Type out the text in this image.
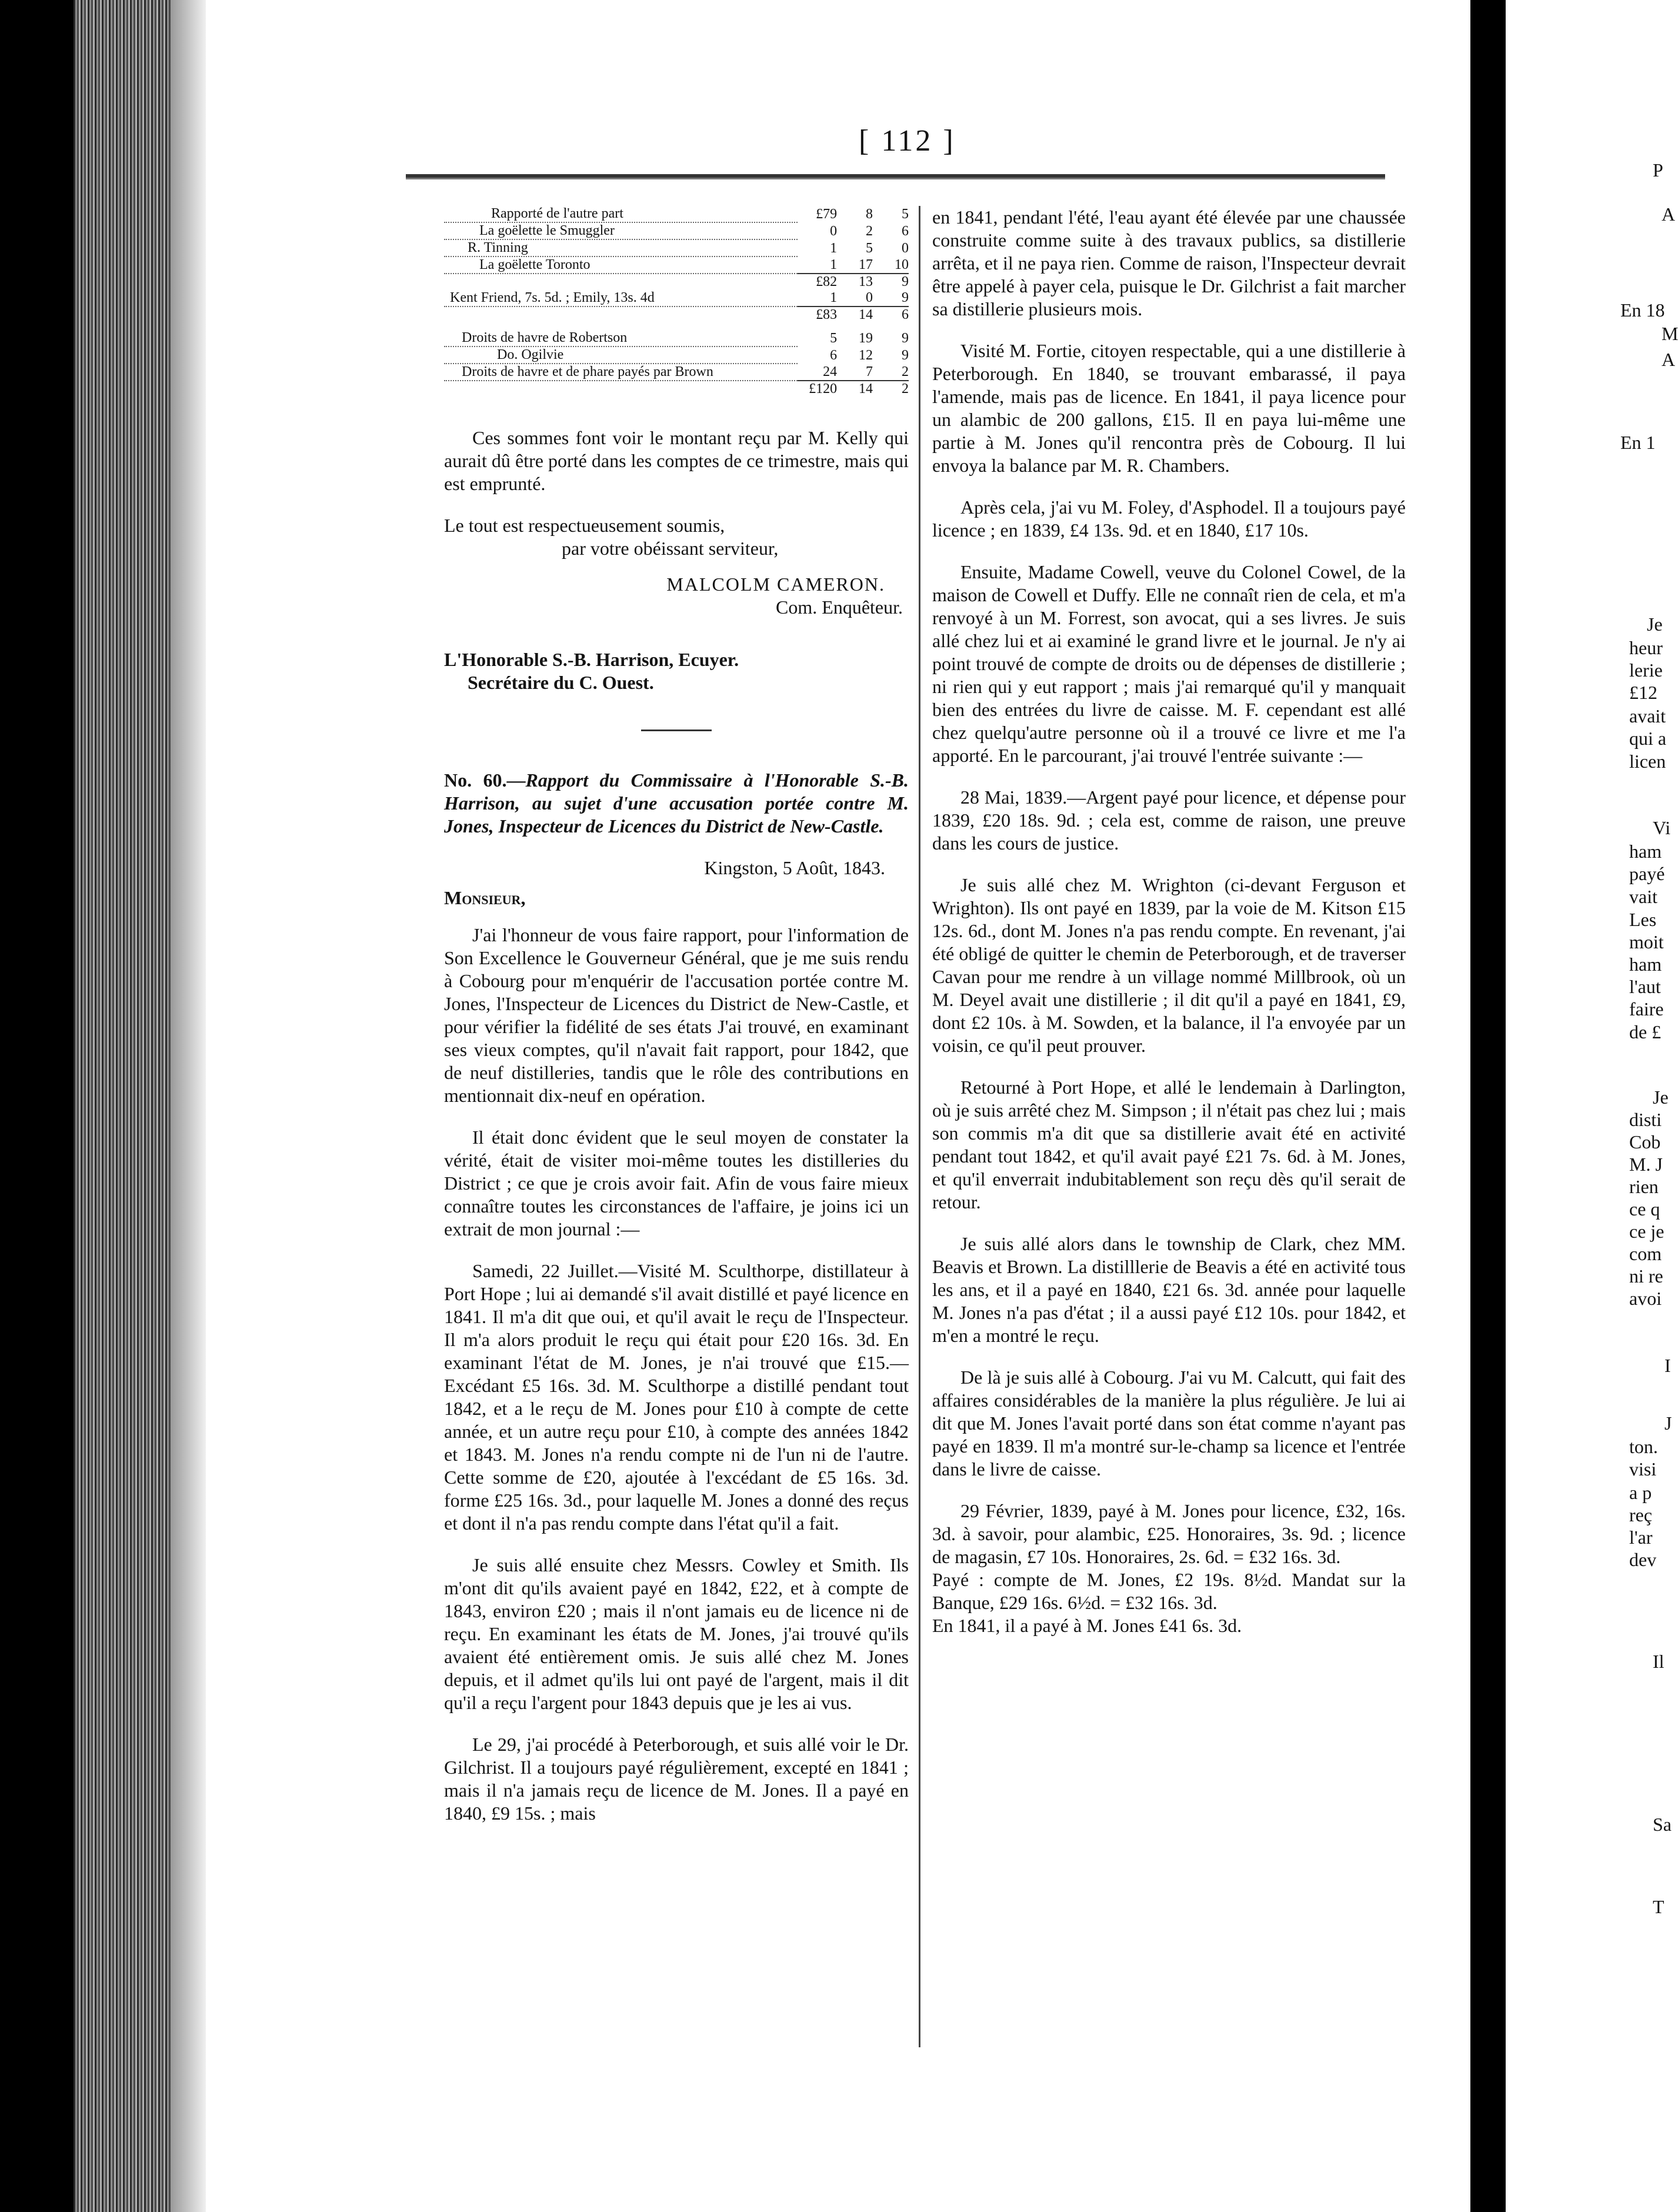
[ 112 ]
Rapporté de l'autre part	£79	8	5
La goëlette le Smuggler	0	2	6
R. Tinning	1	5	0
La goëlette Toronto	1	17	10
	£82	13	9
Kent Friend, 7s. 5d. ; Emily, 13s. 4d	1	0	9
	£83	14	6

Droits de havre de Robertson	5	19	9
Do. Ogilvie	6	12	9
Droits de havre et de phare payés par Brown	24	7	2
	£120	14	2

Ces sommes font voir le montant reçu par M. Kelly qui aurait dû être porté dans les comptes de ce trimestre, mais qui est emprunté.

Le tout est respectueusement soumis,

par votre obéissant serviteur,

MALCOLM CAMERON.
Com. Enquêteur.
L'Honorable S.-B. Harrison, Ecuyer.
Secrétaire du C. Ouest.

No. 60.—Rapport du Commissaire à l'Honorable S.-B. Harrison, au sujet d'une accusation portée contre M. Jones, Inspecteur de Licences du District de New-Castle.

Kingston, 5 Août, 1843.

Monsieur,

J'ai l'honneur de vous faire rapport, pour l'information de Son Excellence le Gouverneur Général, que je me suis rendu à Cobourg pour m'enquérir de l'accusation portée contre M. Jones, l'Inspecteur de Licences du District de New-Castle, et pour vérifier la fidélité de ses états J'ai trouvé, en examinant ses vieux comptes, qu'il n'avait fait rapport, pour 1842, que de neuf distilleries, tandis que le rôle des contributions en mentionnait dix-neuf en opération.

Il était donc évident que le seul moyen de constater la vérité, était de visiter moi-même toutes les distilleries du District ; ce que je crois avoir fait. Afin de vous faire mieux connaître toutes les circonstances de l'affaire, je joins ici un extrait de mon journal :—

Samedi, 22 Juillet.—Visité M. Sculthorpe, distillateur à Port Hope ; lui ai demandé s'il avait distillé et payé licence en 1841. Il m'a dit que oui, et qu'il avait le reçu de l'Inspecteur. Il m'a alors produit le reçu qui était pour £20 16s. 3d. En examinant l'état de M. Jones, je n'ai trouvé que £15.—Excédant £5 16s. 3d. M. Sculthorpe a distillé pendant tout 1842, et a le reçu de M. Jones pour £10 à compte de cette année, et un autre reçu pour £10, à compte des années 1842 et 1843. M. Jones n'a rendu compte ni de l'un ni de l'autre. Cette somme de £20, ajoutée à l'excédant de £5 16s. 3d. forme £25 16s. 3d., pour laquelle M. Jones a donné des reçus et dont il n'a pas rendu compte dans l'état qu'il a fait.

Je suis allé ensuite chez Messrs. Cowley et Smith. Ils m'ont dit qu'ils avaient payé en 1842, £22, et à compte de 1843, environ £20 ; mais il n'ont jamais eu de licence ni de reçu. En examinant les états de M. Jones, j'ai trouvé qu'ils avaient été entièrement omis. Je suis allé chez M. Jones depuis, et il admet qu'ils lui ont payé de l'argent, mais il dit qu'il a reçu l'argent pour 1843 depuis que je les ai vus.

Le 29, j'ai procédé à Peterborough, et suis allé voir le Dr. Gilchrist. Il a toujours payé régulièrement, excepté en 1841 ; mais il n'a jamais reçu de licence de M. Jones. Il a payé en 1840, £9 15s. ; mais

en 1841, pendant l'été, l'eau ayant été élevée par une chaussée construite comme suite à des travaux publics, sa distillerie arrêta, et il ne paya rien. Comme de raison, l'Inspecteur devrait être appelé à payer cela, puisque le Dr. Gilchrist a fait marcher sa distillerie plusieurs mois.

Visité M. Fortie, citoyen respectable, qui a une distillerie à Peterborough. En 1840, se trouvant embarassé, il paya l'amende, mais pas de licence. En 1841, il paya licence pour un alambic de 200 gallons, £15. Il en paya lui-même une partie à M. Jones qu'il rencontra près de Cobourg. Il lui envoya la balance par M. R. Chambers.

Après cela, j'ai vu M. Foley, d'Asphodel. Il a toujours payé licence ; en 1839, £4 13s. 9d. et en 1840, £17 10s.

Ensuite, Madame Cowell, veuve du Colonel Cowel, de la maison de Cowell et Duffy. Elle ne connaît rien de cela, et m'a renvoyé à un M. Forrest, son avocat, qui a ses livres. Je suis allé chez lui et ai examiné le grand livre et le journal. Je n'y ai point trouvé de compte de droits ou de dépenses de distillerie ; ni rien qui y eut rapport ; mais j'ai remarqué qu'il y manquait bien des entrées du livre de caisse. M. F. cependant est allé chez quelqu'autre personne où il a trouvé ce livre et me l'a apporté. En le parcourant, j'ai trouvé l'entrée suivante :—

28 Mai, 1839.—Argent payé pour licence, et dépense pour 1839, £20 18s. 9d. ; cela est, comme de raison, une preuve dans les cours de justice.

Je suis allé chez M. Wrighton (ci-devant Ferguson et Wrighton). Ils ont payé en 1839, par la voie de M. Kitson £15 12s. 6d., dont M. Jones n'a pas rendu compte. En revenant, j'ai été obligé de quitter le chemin de Peterborough, et de traverser Cavan pour me rendre à un village nommé Millbrook, où un M. Deyel avait une distillerie ; il dit qu'il a payé en 1841, £9, dont £2 10s. à M. Sowden, et la balance, il l'a envoyée par un voisin, ce qu'il peut prouver.

Retourné à Port Hope, et allé le lendemain à Darlington, où je suis arrêté chez M. Simpson ; il n'était pas chez lui ; mais son commis m'a dit que sa distillerie avait été en activité pendant tout 1842, et qu'il avait payé £21 7s. 6d. à M. Jones, et qu'il enverrait indubitablement son reçu dès qu'il serait de retour.

Je suis allé alors dans le township de Clark, chez MM. Beavis et Brown. La distilllerie de Beavis a été en activité tous les ans, et il a payé en 1840, £21 6s. 3d. année pour laquelle M. Jones n'a pas d'état ; il a aussi payé £12 10s. pour 1842, et m'en a montré le reçu.

De là je suis allé à Cobourg. J'ai vu M. Calcutt, qui fait des affaires considérables de la manière la plus régulière. Je lui ai dit que M. Jones l'avait porté dans son état comme n'ayant pas payé en 1839. Il m'a montré sur-le-champ sa licence et l'entrée dans le livre de caisse.

29 Février, 1839, payé à M. Jones pour licence, £32, 16s. 3d. à savoir, pour alambic, £25. Honoraires, 3s. 9d. ; licence de magasin, £7 10s. Honoraires, 2s. 6d. = £32 16s. 3d.

Payé : compte de M. Jones, £2 19s. 8½d. Mandat sur la Banque, £29 16s. 6½d. = £32 16s. 3d.

En 1841, il a payé à M. Jones £41 6s. 3d.

P
A
En 18
M
A
En 1
Je
heur
lerie
£12
avait
qui a
licen
Vi
ham
payé
vait
Les
moit
ham
l'aut
faire
de £
Je
disti
Cob
M. J
rien
ce q
ce je
com
ni re
avoi
I
J
ton.
visi
a p
reç
l'ar
dev
Il
Sa
T
